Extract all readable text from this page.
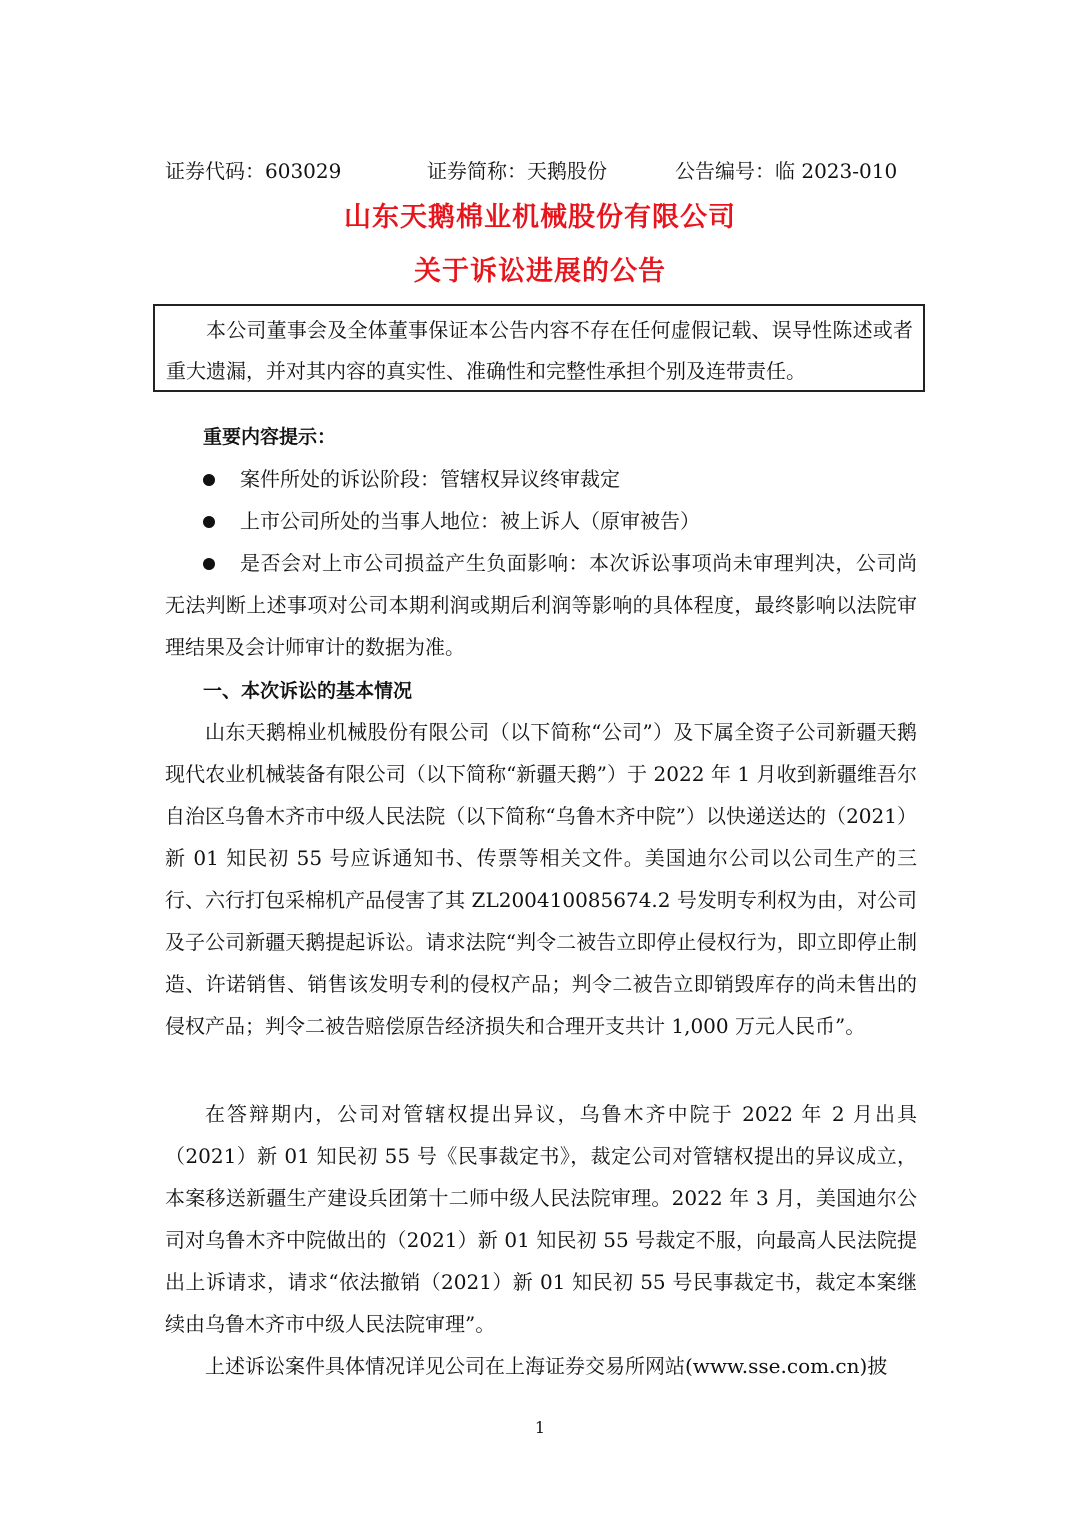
证券代码：603029	证券简称：天鹅股份	公告编号：临 2023-010
山东天鹅棉业机械股份有限公司
关于诉讼进展的公告

本公司董事会及全体董事保证本公告内容不存在任何虚假记载、误导性陈述或者重大遗漏，并对其内容的真实性、准确性和完整性承担个别及连带责任。

重要内容提示：
案件所处的诉讼阶段：管辖权异议终审裁定
上市公司所处的当事人地位：被上诉人（原审被告）

是否会对上市公司损益产生负面影响：本次诉讼事项尚未审理判决，公司尚无法判断上述事项对公司本期利润或期后利润等影响的具体程度，最终影响以法院审理结果及会计师审计的数据为准。

一、本次诉讼的基本情况

山东天鹅棉业机械股份有限公司（以下简称“公司”）及下属全资子公司新疆天鹅现代农业机械装备有限公司（以下简称“新疆天鹅”）于 2022 年 1 月收到新疆维吾尔自治区乌鲁木齐市中级人民法院（以下简称“乌鲁木齐中院”）以快递送达的（2021）新 01 知民初 55 号应诉通知书、传票等相关文件。美国迪尔公司以公司生产的三行、六行打包采棉机产品侵害了其 ZL200410085674.2 号发明专利权为由，对公司及子公司新疆天鹅提起诉讼。请求法院“判令二被告立即停止侵权行为，即立即停止制造、许诺销售、销售该发明专利的侵权产品；判令二被告立即销毁库存的尚未售出的侵权产品；判令二被告赔偿原告经济损失和合理开支共计 1,000 万元人民币”。

在答辩期内，公司对管辖权提出异议，乌鲁木齐中院于 2022 年 2 月出具（2021）新 01 知民初 55 号《民事裁定书》，裁定公司对管辖权提出的异议成立，本案移送新疆生产建设兵团第十二师中级人民法院审理。2022 年 3 月，美国迪尔公司对乌鲁木齐中院做出的（2021）新 01 知民初 55 号裁定不服，向最高人民法院提出上诉请求，请求“依法撤销（2021）新 01 知民初 55 号民事裁定书，裁定本案继续由乌鲁木齐市中级人民法院审理”。

上述诉讼案件具体情况详见公司在上海证券交易所网站(www.sse.com.cn)披

1
